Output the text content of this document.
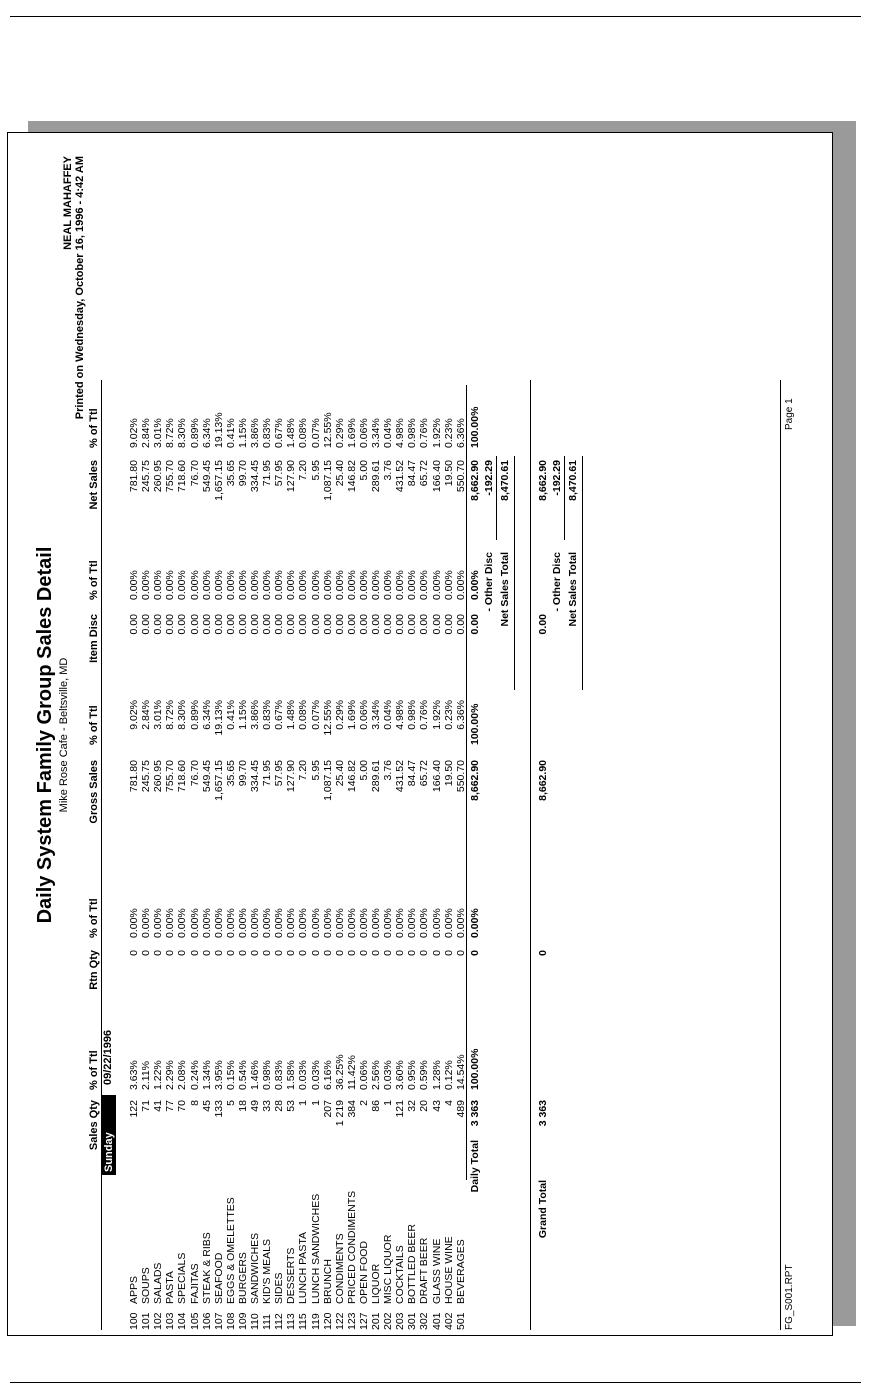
Daily System Family Group Sales Detail Mike Rose Cafe - Beltsville, MD
NEAL MAHAFFEY Printed on Wednesday, October 16, 1996 - 4:42 AM
Sales Qty
% of Ttl
Rtn Qty
% of Ttl
Gross Sales
% of Ttl
Item Disc
% of Ttl
Net Sales
% of Ttl
Sunday
09/22/1996
100
APPS
122
3.63%
0
0.00%
781.80
9.02%
0.00
0.00%
781.80
9.02%
101
SOUPS
71
2.11%
0
0.00%
245.75
2.84%
0.00
0.00%
245.75
2.84%
102
SALADS
41
1.22%
0
0.00%
260.95
3.01%
0.00
0.00%
260.95
3.01%
103
PASTA
77
2.29%
0
0.00%
755.70
8.72%
0.00
0.00%
755.70
8.72%
104
SPECIALS
70
2.08%
0
0.00%
718.60
8.30%
0.00
0.00%
718.60
8.30%
105
FAJITAS
8
0.24%
0
0.00%
76.70
0.89%
0.00
0.00%
76.70
0.89%
106
STEAK & RIBS
45
1.34%
0
0.00%
549.45
6.34%
0.00
0.00%
549.45
6.34%
107
SEAFOOD
133
3.95%
0
0.00%
1,657.15
19.13%
0.00
0.00%
1,657.15
19.13%
108
EGGS & OMELETTES
5
0.15%
0
0.00%
35.65
0.41%
0.00
0.00%
35.65
0.41%
109
BURGERS
18
0.54%
0
0.00%
99.70
1.15%
0.00
0.00%
99.70
1.15%
110
SANDWICHES
49
1.46%
0
0.00%
334.45
3.86%
0.00
0.00%
334.45
3.86%
111
KID'S MEALS
33
0.98%
0
0.00%
71.95
0.83%
0.00
0.00%
71.95
0.83%
112
SIDES
28
0.83%
0
0.00%
57.95
0.67%
0.00
0.00%
57.95
0.67%
113
DESSERTS
53
1.58%
0
0.00%
127.90
1.48%
0.00
0.00%
127.90
1.48%
115
LUNCH PASTA
1
0.03%
0
0.00%
7.20
0.08%
0.00
0.00%
7.20
0.08%
119
LUNCH SANDWICHES
1
0.03%
0
0.00%
5.95
0.07%
0.00
0.00%
5.95
0.07%
120
BRUNCH
207
6.16%
0
0.00%
1,087.15
12.55%
0.00
0.00%
1,087.15
12.55%
122
CONDIMENTS
1 219
36.25%
0
0.00%
25.40
0.29%
0.00
0.00%
25.40
0.29%
123
PRICED CONDIMENTS
384
11.42%
0
0.00%
146.82
1.69%
0.00
0.00%
146.82
1.69%
127
OPEN FOOD
2
0.06%
0
0.00%
5.00
0.06%
0.00
0.00%
5.00
0.06%
201
LIQUOR
86
2.56%
0
0.00%
289.61
3.34%
0.00
0.00%
289.61
3.34%
202
MISC LIQUOR
1
0.03%
0
0.00%
3.76
0.04%
0.00
0.00%
3.76
0.04%
203
COCKTAILS
121
3.60%
0
0.00%
431.52
4.98%
0.00
0.00%
431.52
4.98%
301
BOTTLED BEER
32
0.95%
0
0.00%
84.47
0.98%
0.00
0.00%
84.47
0.98%
302
DRAFT BEER
20
0.59%
0
0.00%
65.72
0.76%
0.00
0.00%
65.72
0.76%
401
GLASS WINE
43
1.28%
0
0.00%
166.40
1.92%
0.00
0.00%
166.40
1.92%
402
HOUSE WINE
4
0.12%
0
0.00%
19.50
0.23%
0.00
0.00%
19.50
0.23%
501
BEVERAGES
489
14.54%
0
0.00%
550.70
6.36%
0.00
0.00%
550.70
6.36%
Daily Total
3 363
100.00%
0
0.00%
8,662.90
100.00%
0.00
0.00%
8,662.90
100.00%
- Other Disc
-192.29
Net Sales Total
8,470.61
Grand Total
3 363
0
8,662.90
0.00
8,662.90
- Other Disc
-192.29
Net Sales Total
8,470.61
FG_S001.RPT
Page 1
